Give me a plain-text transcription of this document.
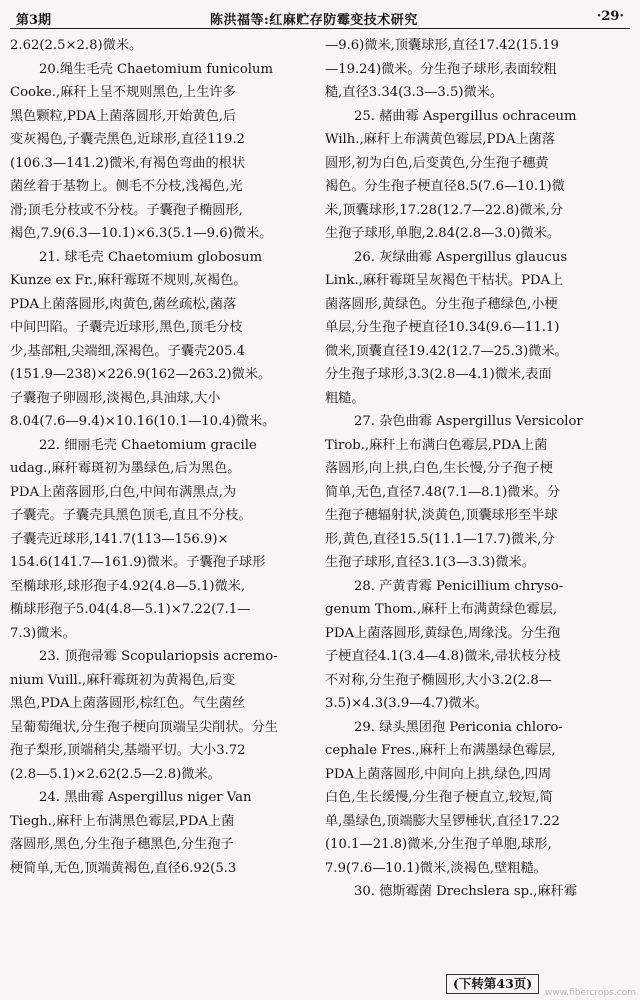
第3期	陈洪福等:红麻贮存防霉变技术研究	·29·
2.62(2.5×2.8)微米。
20.绳生毛壳 Chaetomium funicolum
Cooke.,麻秆上呈不规则黑色,上生许多
黑色颗粒,PDA上菌落圆形,开始黄色,后
变灰褐色,子囊壳黑色,近球形,直径119.2
(106.3—141.2)微米,有褐色弯曲的根状
菌丝着于基物上。侧毛不分枝,浅褐色,光
滑;顶毛分枝或不分枝。子囊孢子椭圆形,
褐色,7.9(6.3—10.1)×6.3(5.1—9.6)微米。
21. 球毛壳 Chaetomium globosum
Kunze ex Fr.,麻秆霉斑不规则,灰褐色。
PDA上菌落圆形,肉黄色,菌丝疏松,菌落
中间凹陷。子囊壳近球形,黑色,顶毛分枝
少,基部粗,尖端细,深褐色。子囊壳205.4
(151.9—238)×226.9(162—263.2)微米。
子囊孢子卵圆形,淡褐色,具油球,大小
8.04(7.6—9.4)×10.16(10.1—10.4)微米。
22. 细丽毛壳 Chaetomium gracile
udag.,麻秆霉斑初为墨绿色,后为黑色。
PDA上菌落圆形,白色,中间布满黑点,为
子囊壳。子囊壳具黑色顶毛,直且不分枝。
子囊壳近球形,141.7(113—156.9)×
154.6(141.7—161.9)微米。子囊孢子球形
至椭球形,球形孢子4.92(4.8—5.1)微米,
椭球形孢子5.04(4.8—5.1)×7.22(7.1—
7.3)微米。
23. 顶孢帚霉 Scopulariopsis acremo-
nium Vuill.,麻秆霉斑初为黄褐色,后变
黑色,PDA上菌落圆形,棕红色。气生菌丝
呈葡萄绳状,分生孢子梗向顶端呈尖削状。分生
孢子梨形,顶端稍尖,基端平切。大小3.72
(2.8—5.1)×2.62(2.5—2.8)微米。
24. 黑曲霉 Aspergillus niger Van
Tiegh.,麻秆上布满黑色霉层,PDA上菌
落圆形,黑色,分生孢子穗黑色,分生孢子
梗简单,无色,顶端黄褐色,直径6.92(5.3
—9.6)微米,顶囊球形,直径17.42(15.19
—19.24)微米。分生孢子球形,表面较粗
糙,直径3.34(3.3—3.5)微米。
25. 赭曲霉 Aspergillus ochraceum
Wilh.,麻秆上布满黄色霉层,PDA上菌落
圆形,初为白色,后变黄色,分生孢子穗黄
褐色。分生孢子梗直径8.5(7.6—10.1)微
米,顶囊球形,17.28(12.7—22.8)微米,分
生孢子球形,单胞,2.84(2.8—3.0)微米。
26. 灰绿曲霉 Aspergillus glaucus
Link.,麻秆霉斑呈灰褐色干枯状。PDA上
菌落圆形,黄绿色。分生孢子穗绿色,小梗
单层,分生孢子梗直径10.34(9.6—11.1)
微米,顶囊直径19.42(12.7—25.3)微米。
分生孢子球形,3.3(2.8—4.1)微米,表面
粗糙。
27. 杂色曲霉 Aspergillus Versicolor
Tirob.,麻秆上布满白色霉层,PDA上菌
落圆形,向上拱,白色,生长慢,分子孢子梗
简单,无色,直径7.48(7.1—8.1)微米。分
生孢子穗辐射状,淡黄色,顶囊球形至半球
形,黄色,直径15.5(11.1—17.7)微米,分
生孢子球形,直径3.1(3—3.3)微米。
28. 产黄青霉 Penicillium chryso-
genum Thom.,麻秆上布满黄绿色霉层,
PDA上菌落圆形,黄绿色,周缘浅。分生孢
子梗直径4.1(3.4—4.8)微米,帚状枝分枝
不对称,分生孢子椭圆形,大小3.2(2.8—
3.5)×4.3(3.9—4.7)微米。
29. 绿头黑团孢 Periconia chloro-
cephale Fres.,麻秆上布满墨绿色霉层,
PDA上菌落圆形,中间向上拱,绿色,四周
白色,生长缓慢,分生孢子梗直立,较短,简
单,墨绿色,顶端膨大呈锣棰状,直径17.22
(10.1—21.8)微米,分生孢子单胞,球形,
7.9(7.6—10.1)微米,淡褐色,壁粗糙。
30. 德斯霉菌 Drechslera sp.,麻秆霉
(下转第43页)
www.fibercrops.com
